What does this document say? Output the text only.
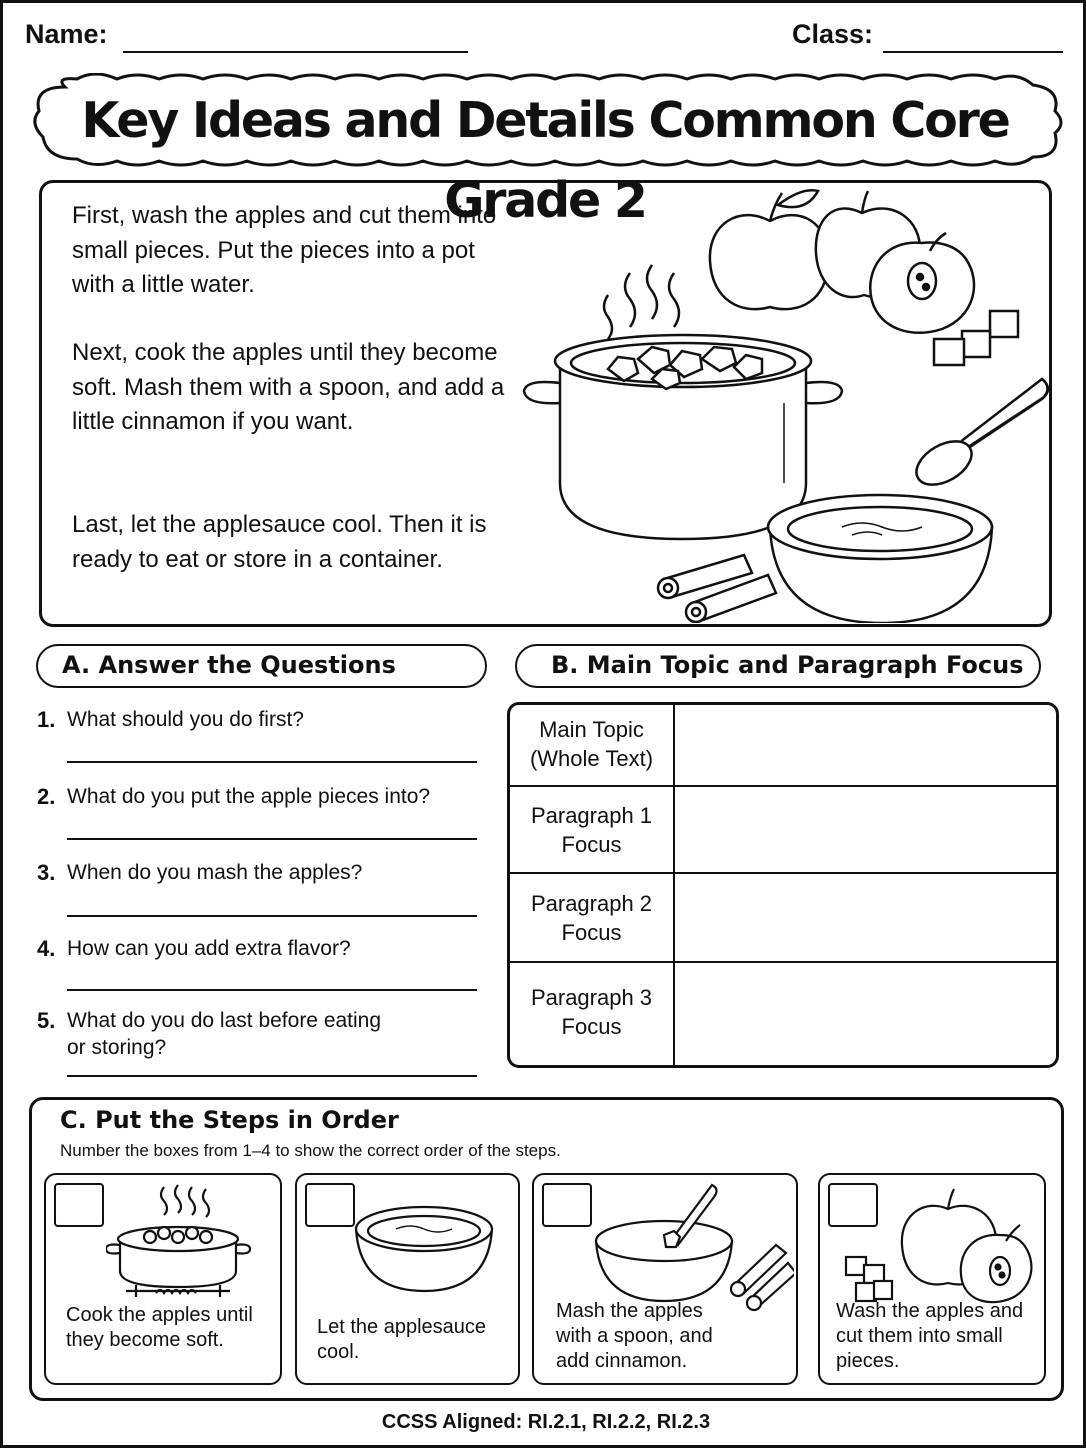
Name:	Class:
Key Ideas and Details Common Core Grade 2
First, wash the apples and cut them into small pieces. Put the pieces into a pot with a little water.
Next, cook the apples until they become soft. Mash them with a spoon, and add a little cinnamon if you want.
Last, let the applesauce cool. Then it is ready to eat or store in a container.
A. Answer the Questions
1. What should you do first?
2. What do you put the apple pieces into?
3. When do you mash the apples?
4. How can you add extra flavor?
5. What do you do last before eating or storing?
B. Main Topic and Paragraph Focus
Main Topic (Whole Text)
Paragraph 1 Focus
Paragraph 2 Focus
Paragraph 3 Focus
C. Put the Steps in Order
Number the boxes from 1–4 to show the correct order of the steps.
Cook the apples until they become soft.
Let the applesauce cool.
Mash the apples with a spoon, and add cinnamon.
Wash the apples and cut them into small pieces.
CCSS Aligned: RI.2.1, RI.2.2, RI.2.3
